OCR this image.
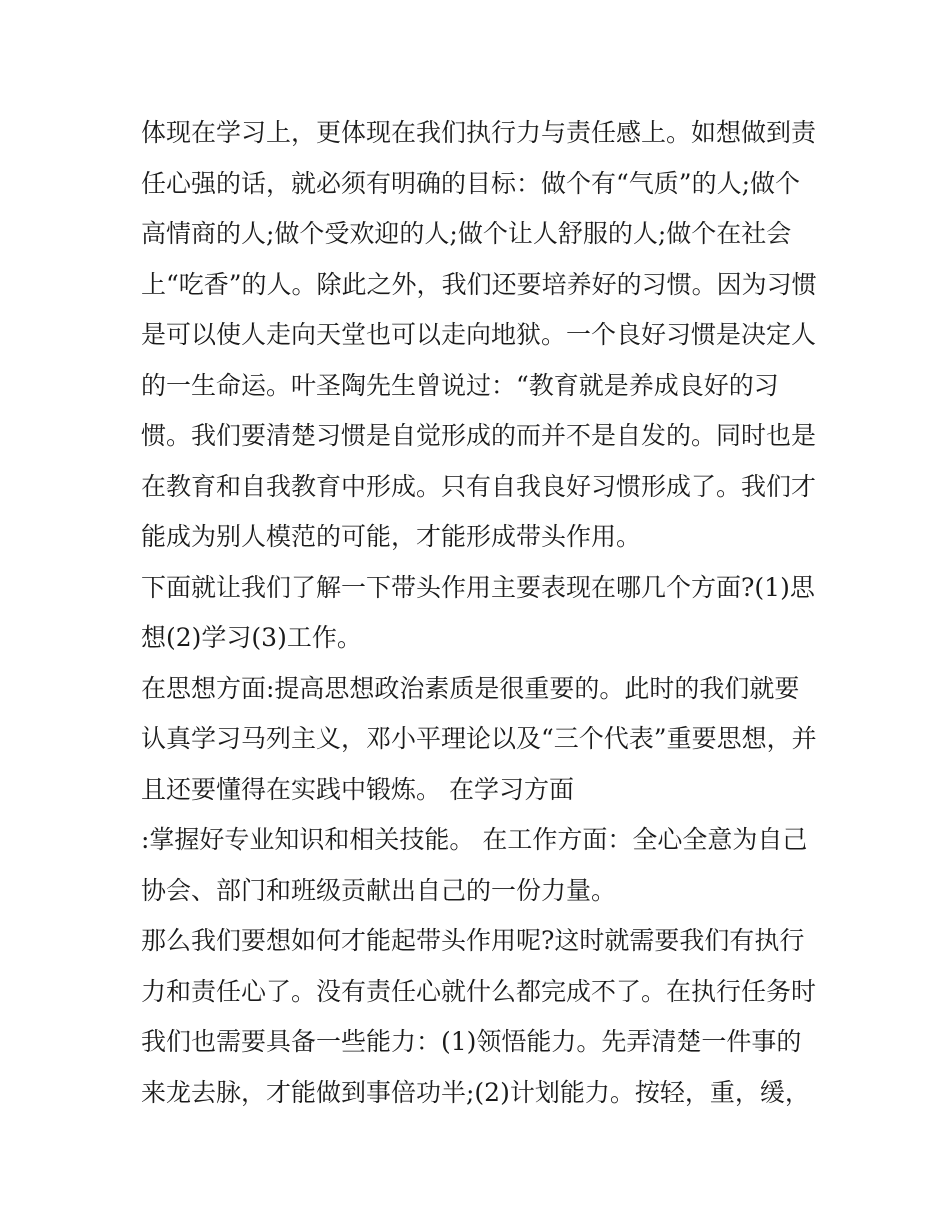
体现在学习上，更体现在我们执行力与责任感上。如想做到责
任心强的话，就必须有明确的目标：做个有“气质”的人;做个
高情商的人;做个受欢迎的人;做个让人舒服的人;做个在社会
上“吃香”的人。除此之外，我们还要培养好的习惯。因为习惯
是可以使人走向天堂也可以走向地狱。一个良好习惯是决定人
的一生命运。叶圣陶先生曾说过：“教育就是养成良好的习
惯。我们要清楚习惯是自觉形成的而并不是自发的。同时也是
在教育和自我教育中形成。只有自我良好习惯形成了。我们才
能成为别人模范的可能，才能形成带头作用。
下面就让我们了解一下带头作用主要表现在哪几个方面?(1)思
想(2)学习(3)工作。
在思想方面:提高思想政治素质是很重要的。此时的我们就要
认真学习马列主义，邓小平理论以及“三个代表”重要思想，并
且还要懂得在实践中锻炼。 在学习方面
:掌握好专业知识和相关技能。 在工作方面：全心全意为自己
协会、部门和班级贡献出自己的一份力量。
那么我们要想如何才能起带头作用呢?这时就需要我们有执行
力和责任心了。没有责任心就什么都完成不了。在执行任务时
我们也需要具备一些能力：(1)领悟能力。先弄清楚一件事的
来龙去脉，才能做到事倍功半;(2)计划能力。按轻，重，缓，
